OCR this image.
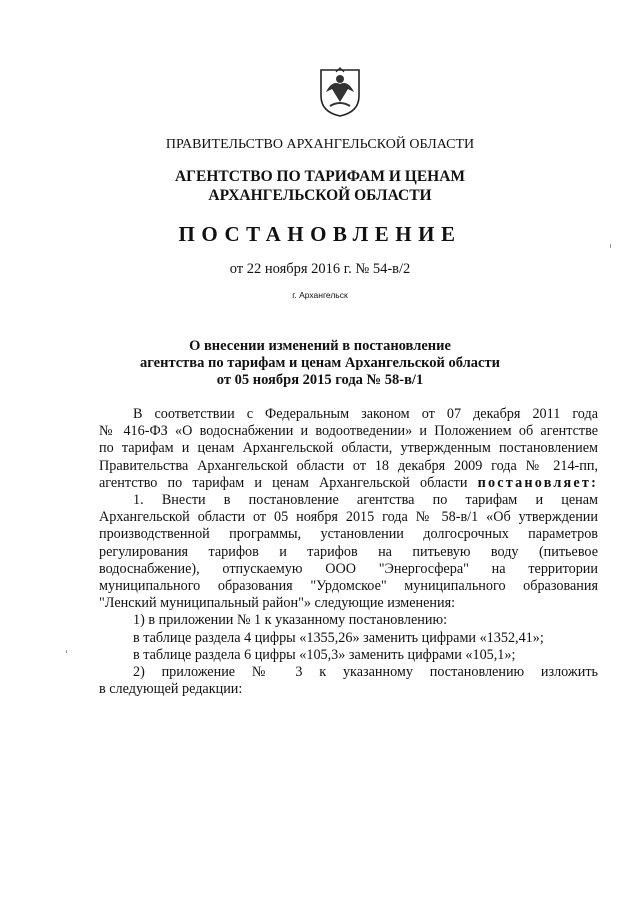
ПРАВИТЕЛЬСТВО АРХАНГЕЛЬСКОЙ ОБЛАСТИ
АГЕНТСТВО ПО ТАРИФАМ И ЦЕНАМ
АРХАНГЕЛЬСКОЙ ОБЛАСТИ
ПОСТАНОВЛЕНИЕ
от 22 ноября 2016 г. № 54-в/2
г. Архангельск
О внесении изменений в постановление
агентства по тарифам и ценам Архангельской области
от 05 ноября 2015 года № 58-в/1
В соответствии с Федеральным законом от 07 декабря 2011 года
№ 416-ФЗ «О водоснабжении и водоотведении» и Положением об агентстве
по тарифам и ценам Архангельской области, утвержденным постановлением
Правительства Архангельской области от 18 декабря 2009 года № 214-пп,
агентство по тарифам и ценам Архангельской области постановляет:
1. Внести в постановление агентства по тарифам и ценам
Архангельской области от 05 ноября 2015 года № 58-в/1 «Об утверждении
производственной программы, установлении долгосрочных параметров
регулирования тарифов и тарифов на питьевую воду (питьевое
водоснабжение), отпускаемую ООО "Энергосфера" на территории
муниципального образования "Урдомское" муниципального образования
"Ленский муниципальный район"» следующие изменения:
1) в приложении № 1 к указанному постановлению:
в таблице раздела 4 цифры «1355,26» заменить цифрами «1352,41»;
в таблице раздела 6 цифры «105,3» заменить цифрами «105,1»;
2) приложение № 3 к указанному постановлению изложить
в следующей редакции:
